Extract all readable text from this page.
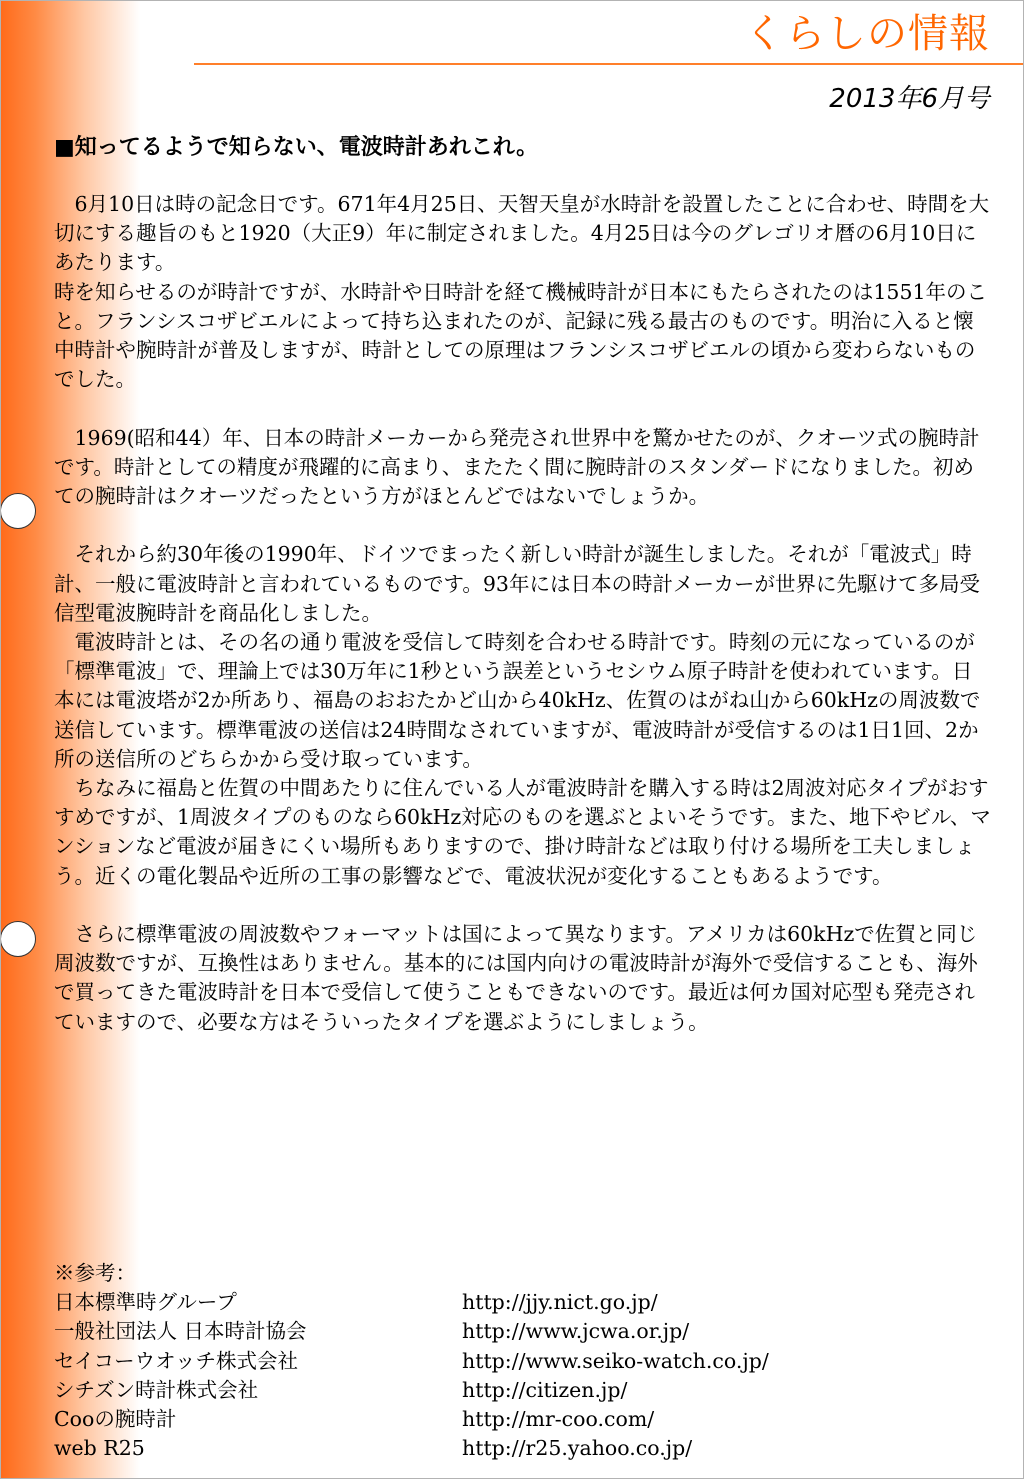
くらしの情報
2013年6月号
■知ってるようで知らない、電波時計あれこれ。

　6月10日は時の記念日です。671年4月25日、天智天皇が水時計を設置したことに合わせ、時間を大切にする趣旨のもと1920（大正9）年に制定されました。4月25日は今のグレゴリオ暦の6月10日にあたります。

時を知らせるのが時計ですが、水時計や日時計を経て機械時計が日本にもたらされたのは1551年のこと。フランシスコザビエルによって持ち込まれたのが、記録に残る最古のものです。明治に入ると懐中時計や腕時計が普及しますが、時計としての原理はフランシスコザビエルの頃から変わらないものでした。

　1969(昭和44）年、日本の時計メーカーから発売され世界中を驚かせたのが、クオーツ式の腕時計です。時計としての精度が飛躍的に高まり、またたく間に腕時計のスタンダードになりました。初めての腕時計はクオーツだったという方がほとんどではないでしょうか。

　それから約30年後の1990年、ドイツでまったく新しい時計が誕生しました。それが「電波式」時計、一般に電波時計と言われているものです。93年には日本の時計メーカーが世界に先駆けて多局受信型電波腕時計を商品化しました。

　電波時計とは、その名の通り電波を受信して時刻を合わせる時計です。時刻の元になっているのが「標準電波」で、理論上では30万年に1秒という誤差というセシウム原子時計を使われています。日本には電波塔が2か所あり、福島のおおたかど山から40kHz、佐賀のはがね山から60kHzの周波数で送信しています。標準電波の送信は24時間なされていますが、電波時計が受信するのは1日1回、2か所の送信所のどちらかから受け取っています。

　ちなみに福島と佐賀の中間あたりに住んでいる人が電波時計を購入する時は2周波対応タイプがおすすめですが、1周波タイプのものなら60kHz対応のものを選ぶとよいそうです。また、地下やビル、マンションなど電波が届きにくい場所もありますので、掛け時計などは取り付ける場所を工夫しましょう。近くの電化製品や近所の工事の影響などで、電波状況が変化することもあるようです。

　さらに標準電波の周波数やフォーマットは国によって異なります。アメリカは60kHzで佐賀と同じ周波数ですが、互換性はありません。基本的には国内向けの電波時計が海外で受信することも、海外で買ってきた電波時計を日本で受信して使うこともできないのです。最近は何カ国対応型も発売されていますので、必要な方はそういったタイプを選ぶようにしましょう。

※参考：
日本標準時グループ	http://jjy.nict.go.jp/
一般社団法人 日本時計協会	http://www.jcwa.or.jp/
セイコーウオッチ株式会社	http://www.seiko-watch.co.jp/
シチズン時計株式会社	http://citizen.jp/
Cooの腕時計	http://mr-coo.com/
web R25	http://r25.yahoo.co.jp/
